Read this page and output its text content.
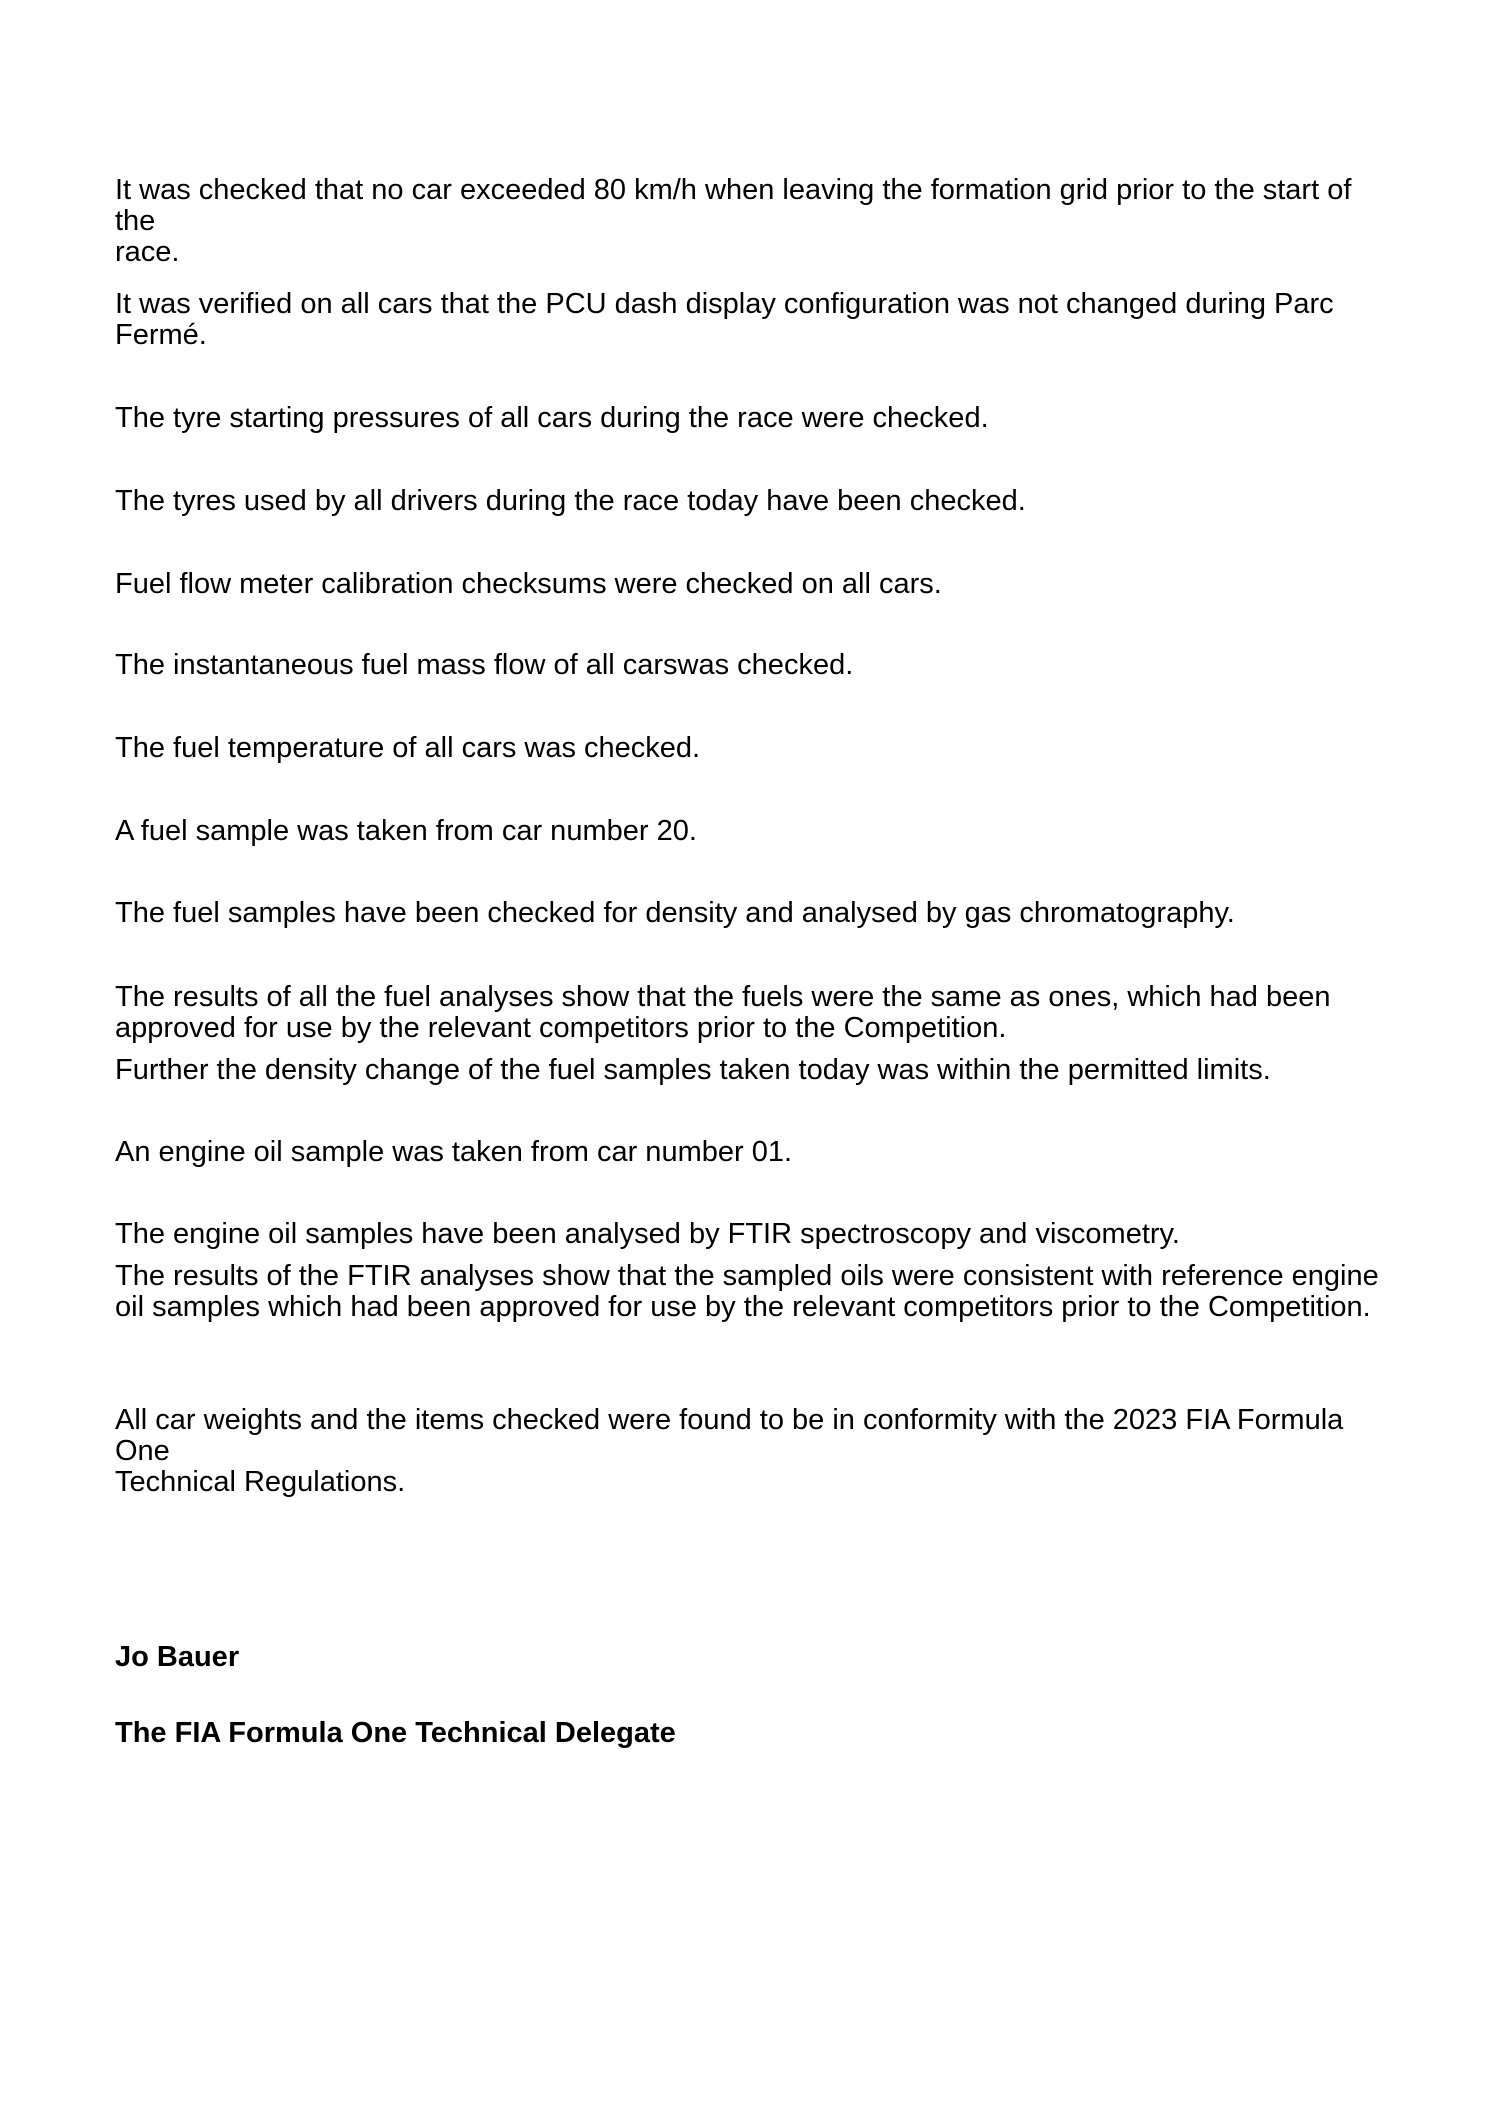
It was checked that no car exceeded 80 km/h when leaving the formation grid prior to the start of the
race.

It was verified on all cars that the PCU dash display configuration was not changed during Parc
Fermé.

The tyre starting pressures of all cars during the race were checked.

The tyres used by all drivers during the race today have been checked.

Fuel flow meter calibration checksums were checked on all cars.

The instantaneous fuel mass flow of all carswas checked.

The fuel temperature of all cars was checked.

A fuel sample was taken from car number 20.

The fuel samples have been checked for density and analysed by gas chromatography.

The results of all the fuel analyses show that the fuels were the same as ones, which had been
approved for use by the relevant competitors prior to the Competition.

Further the density change of the fuel samples taken today was within the permitted limits.

An engine oil sample was taken from car number 01.

The engine oil samples have been analysed by FTIR spectroscopy and viscometry.

The results of the FTIR analyses show that the sampled oils were consistent with reference engine
oil samples which had been approved for use by the relevant competitors prior to the Competition.

All car weights and the items checked were found to be in conformity with the 2023 FIA Formula One
Technical Regulations.

Jo Bauer

The FIA Formula One Technical Delegate
